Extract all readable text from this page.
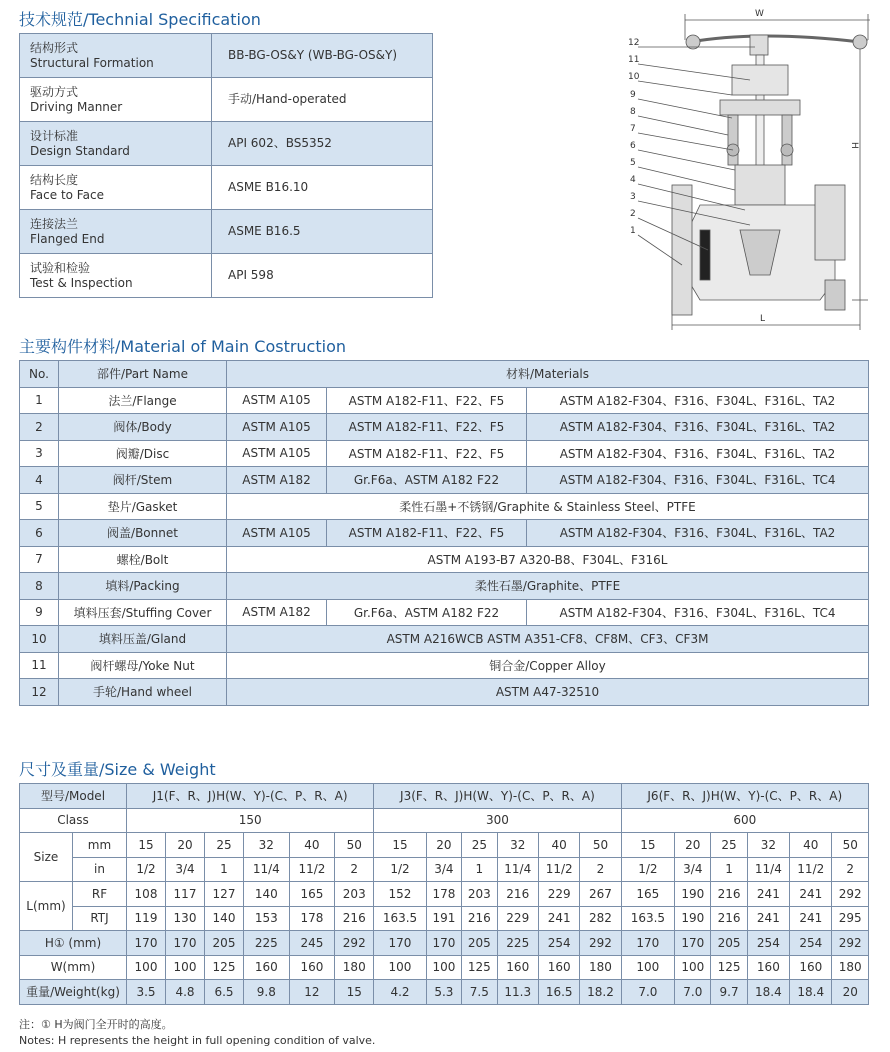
技术规范/Technial Specification
结构形式
Structural Formation	BB-BG-OS&Y (WB-BG-OS&Y)

驱动方式
Driving Manner	手动/Hand-operated

设计标准
Design Standard	API 602、BS5352

结构长度
Face to Face	ASME B16.10

连接法兰
Flanged End	ASME B16.5

试验和检验
Test & Inspection	API 598
12
11
10
9
8
7
6
5
4
3
2
1
W
H
L
主要构件材料/Material of Main Costruction
No.	部件/Part Name	材料/Materials		
1	法兰/Flange	ASTM A105	ASTM A182-F11、F22、F5	ASTM A182-F304、F316、F304L、F316L、TA2
2	阀体/Body	ASTM A105	ASTM A182-F11、F22、F5	ASTM A182-F304、F316、F304L、F316L、TA2
3	阀瓣/Disc	ASTM A105	ASTM A182-F11、F22、F5	ASTM A182-F304、F316、F304L、F316L、TA2
4	阀杆/Stem	ASTM A182	Gr.F6a、ASTM A182 F22	ASTM A182-F304、F316、F304L、F316L、TC4
5	垫片/Gasket	柔性石墨+不锈钢/Graphite & Stainless Steel、PTFE		
6	阀盖/Bonnet	ASTM A105	ASTM A182-F11、F22、F5	ASTM A182-F304、F316、F304L、F316L、TA2
7	螺栓/Bolt	ASTM A193-B7 A320-B8、F304L、F316L		
8	填料/Packing	柔性石墨/Graphite、PTFE		
9	填料压套/Stuffing Cover	ASTM A182	Gr.F6a、ASTM A182 F22	ASTM A182-F304、F316、F304L、F316L、TC4
10	填料压盖/Gland	ASTM A216WCB ASTM A351-CF8、CF8M、CF3、CF3M		
11	阀杆螺母/Yoke Nut	铜合金/Copper Alloy		
12	手轮/Hand wheel	ASTM A47-32510		
尺寸及重量/Size & Weight
型号/Model		J1(F、R、J)H(W、Y)-(C、P、R、A)						J3(F、R、J)H(W、Y)-(C、P、R、A)						J6(F、R、J)H(W、Y)-(C、P、R、A)					
Class		150						300						600					
Size	mm	15	20	25	32	40	50	15	20	25	32	40	50	15	20	25	32	40	50
	in	1/2	3/4	1	11/4	11/2	2	1/2	3/4	1	11/4	11/2	2	1/2	3/4	1	11/4	11/2	2
L(mm)	RF	108	117	127	140	165	203	152	178	203	216	229	267	165	190	216	241	241	292
	RTJ	119	130	140	153	178	216	163.5	191	216	229	241	282	163.5	190	216	241	241	295
H① (mm)		170	170	205	225	245	292	170	170	205	225	254	292	170	170	205	254	254	292
W(mm)		100	100	125	160	160	180	100	100	125	160	160	180	100	100	125	160	160	180
重量/Weight(kg)		3.5	4.8	6.5	9.8	12	15	4.2	5.3	7.5	11.3	16.5	18.2	7.0	7.0	9.7	18.4	18.4	20
注：① H为阀门全开时的高度。
Notes: H represents the height in full opening condition of valve.
